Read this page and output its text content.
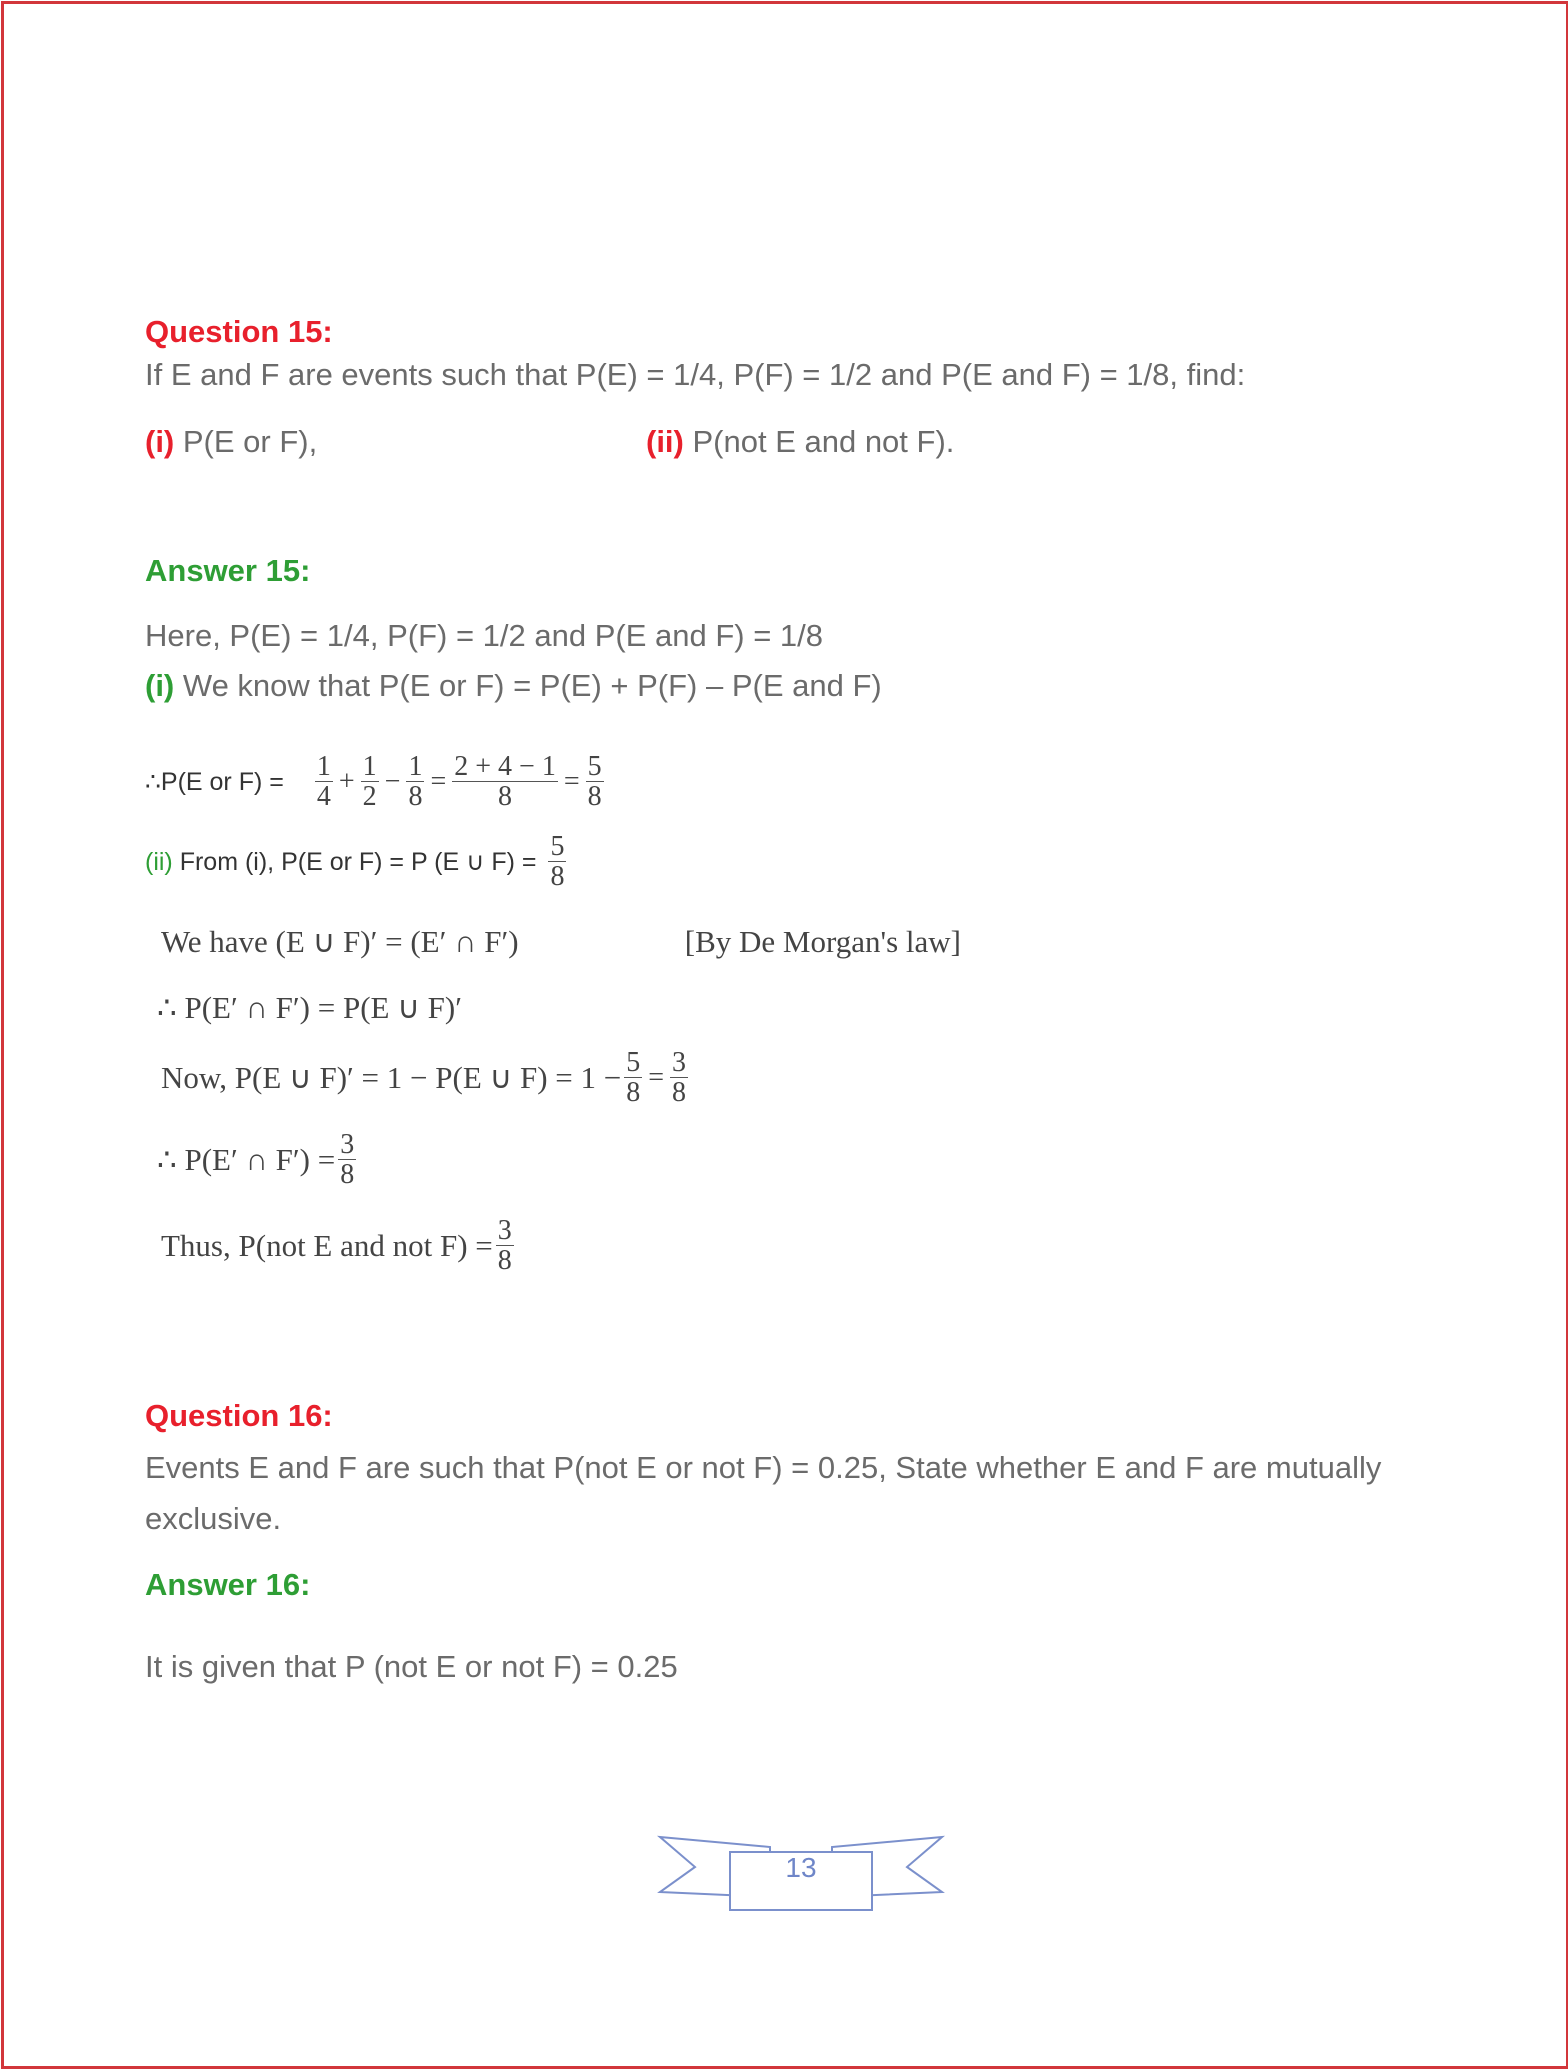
Question 15:
If E and F are events such that P(E) = 1/4, P(F) = 1/2 and P(E and F) = 1/8, find:
(i) P(E or F),	(ii) P(not E and not F).
Answer 15:
Here, P(E) = 1/4, P(F) = 1/2 and P(E and F) = 1/8
(i) We know that P(E or F) = P(E) + P(F) – P(E and F)
∴P(E or $F) = \frac{1}{4} + \frac{1}{2} - \frac{1}{8} = \frac{2 + 4 - 1}{8} = \frac{5}{8}$
(ii) From (i), P(E or F) = P (E ∪ $F) = \frac{5}{8}$
We have (E ∪ F)′ = (E′ ∩ F′)	[By De Morgan's law]
∴ P(E′ ∩ F′) = P(E ∪ F)′
Now, P(E ∪ F)′ = 1 − P(E ∪ $F) = 1 - \frac{5}{8} = \frac{3}{8}$
∴ P(E′ ∩ $F') = \frac{3}{8}$
Thus, P(not E and not $F) = \frac{3}{8}$
Question 16:
Events E and F are such that P(not E or not F) = 0.25, State whether E and F are mutually
exclusive.
Answer 16:
It is given that P (not E or not F) = 0.25
13
